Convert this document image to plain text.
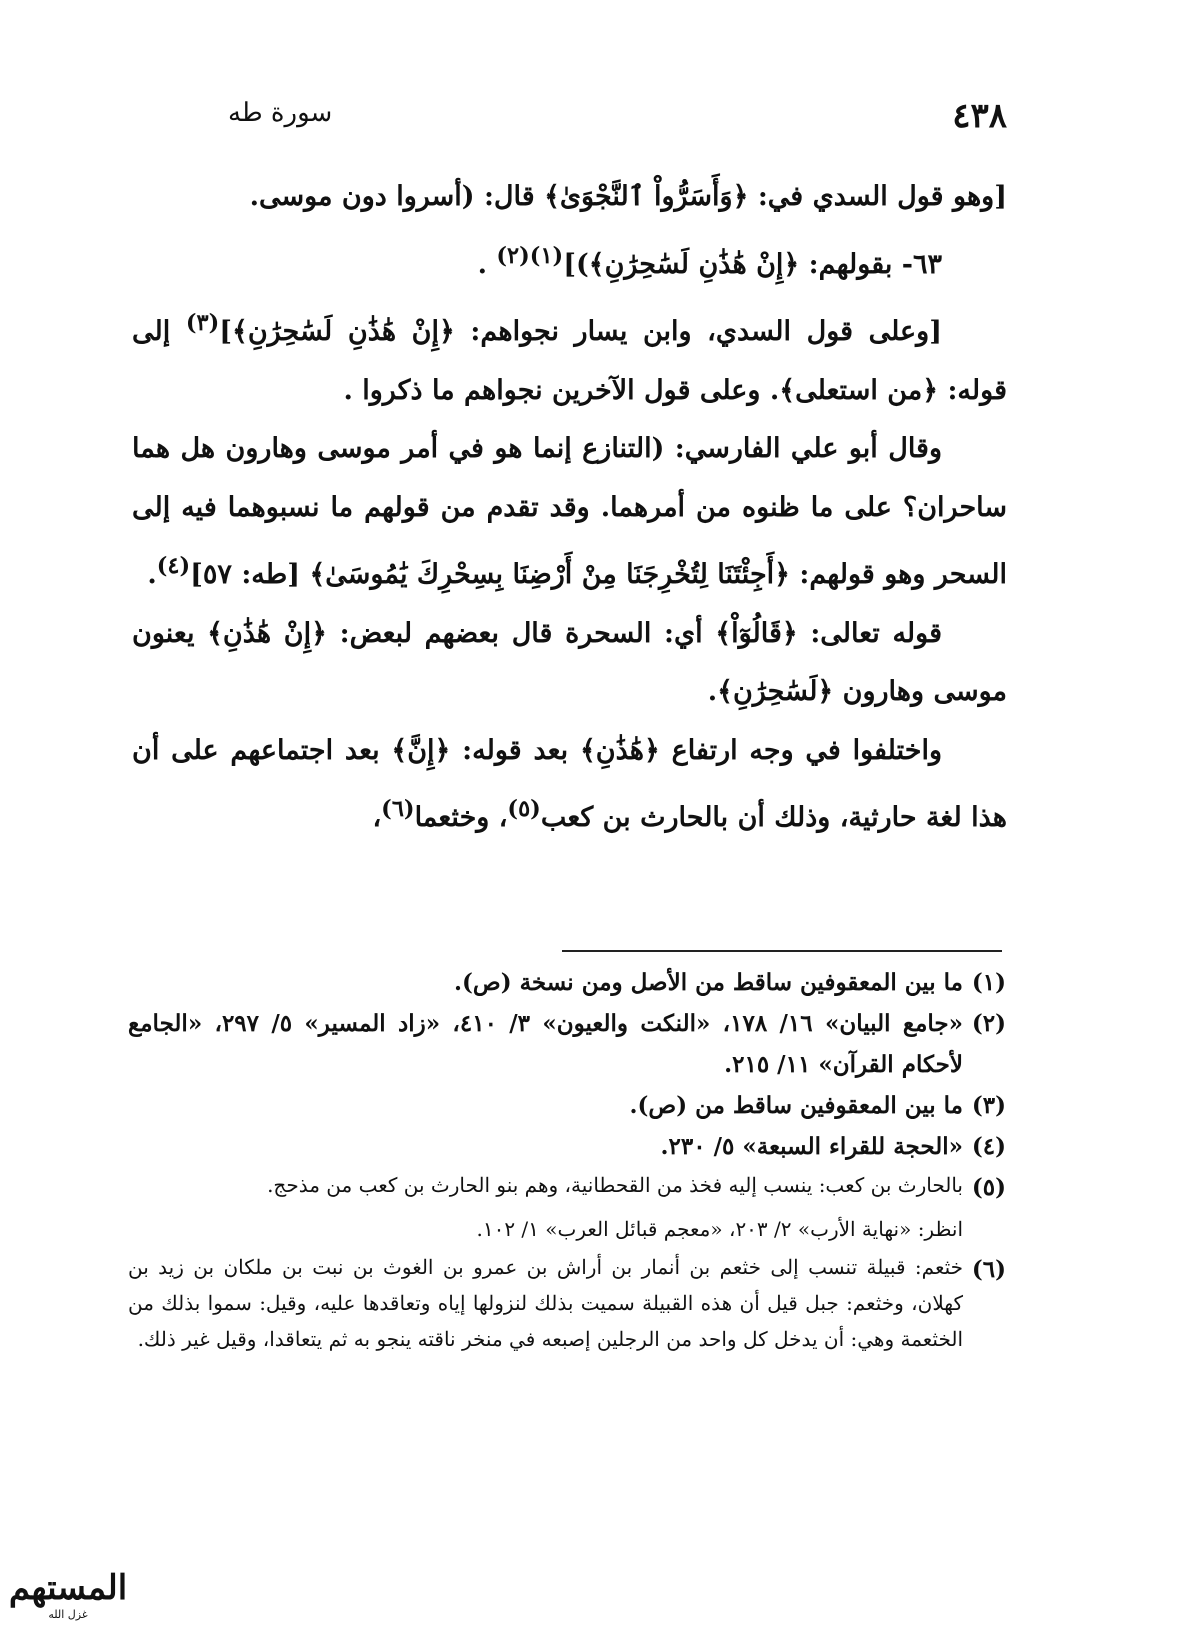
٤٣٨
سورة طه

[وهو قول السدي في: ﴿وَأَسَرُّواْ ٱلنَّجْوَىٰ﴾ قال: (أسروا دون موسى.

٦٣- بقولهم: ﴿إِنْ هَٰذَٰنِ لَسَٰحِرَٰنِ﴾)]$^{(١)(٢)}$ .

[وعلى قول السدي، وابن يسار نجواهم: ﴿إِنْ هَٰذَٰنِ لَسَٰحِرَٰنِ﴾]$^{(٣)}$ إلى قوله: ﴿من استعلى﴾. وعلى قول الآخرين نجواهم ما ذكروا .

وقال أبو علي الفارسي: (التنازع إنما هو في أمر موسى وهارون هل هما ساحران؟ على ما ظنوه من أمرهما. وقد تقدم من قولهم ما نسبوهما فيه إلى السحر وهو قولهم: ﴿أَجِئْتَنَا لِتُخْرِجَنَا مِنْ أَرْضِنَا بِسِحْرِكَ يَٰمُوسَىٰ﴾ [طه: ٥٧]$^{(٤)}$.

قوله تعالى: ﴿قَالُوٓاْ﴾ أي: السحرة قال بعضهم لبعض: ﴿إِنْ هَٰذَٰنِ﴾ يعنون موسى وهارون ﴿لَسَٰحِرَٰنِ﴾.

واختلفوا في وجه ارتفاع ﴿هَٰذَٰنِ﴾ بعد قوله: ﴿إِنَّ﴾ بعد اجتماعهم على أن هذا لغة حارثية، وذلك أن بالحارث بن كعب$^{(٥)}$، وخثعما$^{(٦)}$،

(١)
ما بين المعقوفين ساقط من الأصل ومن نسخة (ص).
(٢)
«جامع البيان» ١٦/ ١٧٨، «النكت والعيون» ٣/ ٤١٠، «زاد المسير» ٥/ ٢٩٧، «الجامع لأحكام القرآن» ١١/ ٢١٥.
(٣)
ما بين المعقوفين ساقط من (ص).
(٤)
«الحجة للقراء السبعة» ٥/ ٢٣٠.
(٥)
بالحارث بن كعب: ينسب إليه فخذ من القحطانية، وهم بنو الحارث بن كعب من مذحج.
انظر: «نهاية الأرب» ٢/ ٢٠٣، «معجم قبائل العرب» ١/ ١٠٢.
(٦)
خثعم: قبيلة تنسب إلى خثعم بن أنمار بن أراش بن عمرو بن الغوث بن نبت بن ملكان بن زيد بن كهلان، وخثعم: جبل قيل أن هذه القبيلة سميت بذلك لنزولها إياه وتعاقدها عليه، وقيل: سموا بذلك من الخثعمة وهي: أن يدخل كل واحد من الرجلين إصبعه في منخر ناقته ينجو به ثم يتعاقدا، وقيل غير ذلك.
المستهم
غزل الله
